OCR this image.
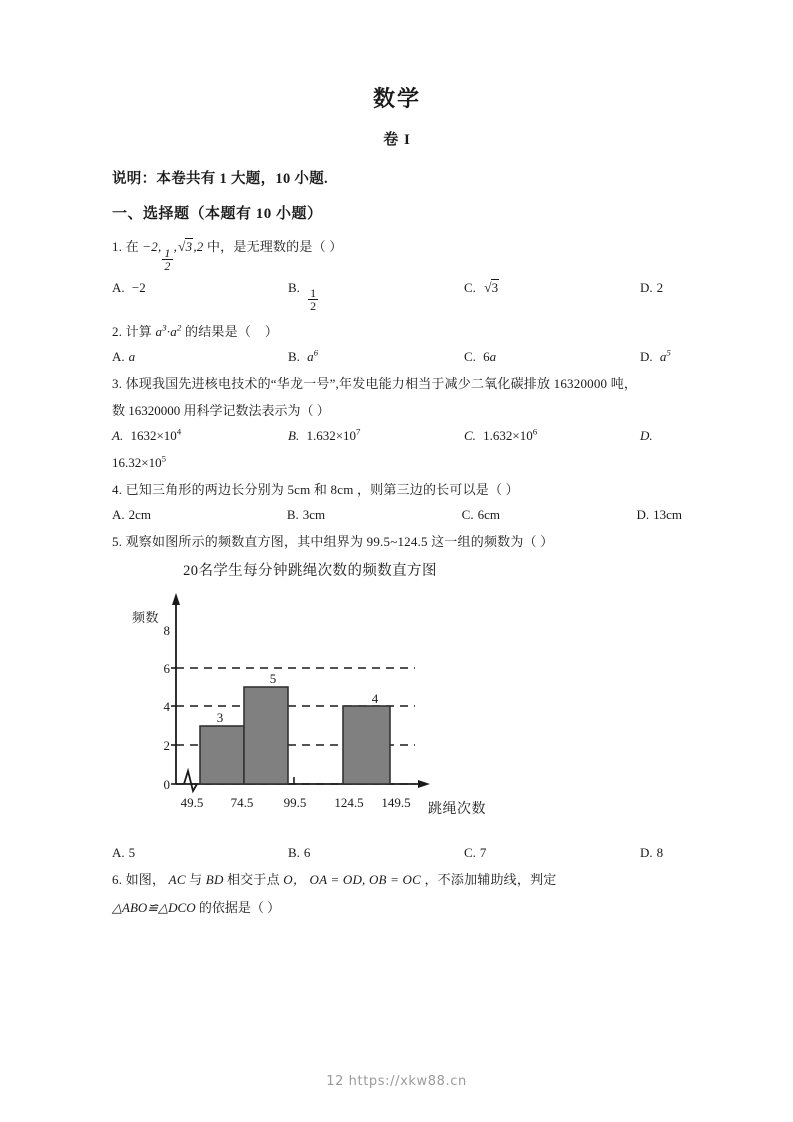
数学
卷 I
说明：本卷共有 1 大题，10 小题.
一、选择题（本题有 10 小题）
1. 在 −2,
$\frac{1}{2}$
,√3,2 中，是无理数的是（ ）
A. −2	B.

$\frac{1}{2}$
C. √3	D. 2
2. 计算 $a^3\cdot a^2$ 的结果是（    ）
A. a	B. $a^6$	C. 6a	D. $a^5$
3. 体现我国先进核电技术的“华龙一号”,年发电能力相当于减少二氧化碳排放 16320000 吨，
数 16320000 用科学记数法表示为（ ）
A. $1632\times 10^4$	B. $1.632\times 10^7$	C. $1.632\times 10^6$	D.
$16.32\times 10^5$
4. 已知三角形的两边长分别为 5cm 和 8cm ，则第三边的长可以是（ ）
A. 2cm	B. 3cm	C. 6cm	D. 13cm
5. 观察如图所示的频数直方图，其中组界为 99.5~124.5 这一组的频数为（ ）
20名学生每分钟跳绳次数的频数直方图
频数
跳绳次数
0
2
4
6
8
49.5	74.5	99.5	124.5	149.5
3
5
4
A. 5	B. 6	C. 7	D. 8
6. 如图， AC 与 BD 相交于点 O， OA = OD, OB = OC ，不添加辅助线，判定
△ABO≌△DCO 的依据是（ ）
12 https://xkw88.cn
